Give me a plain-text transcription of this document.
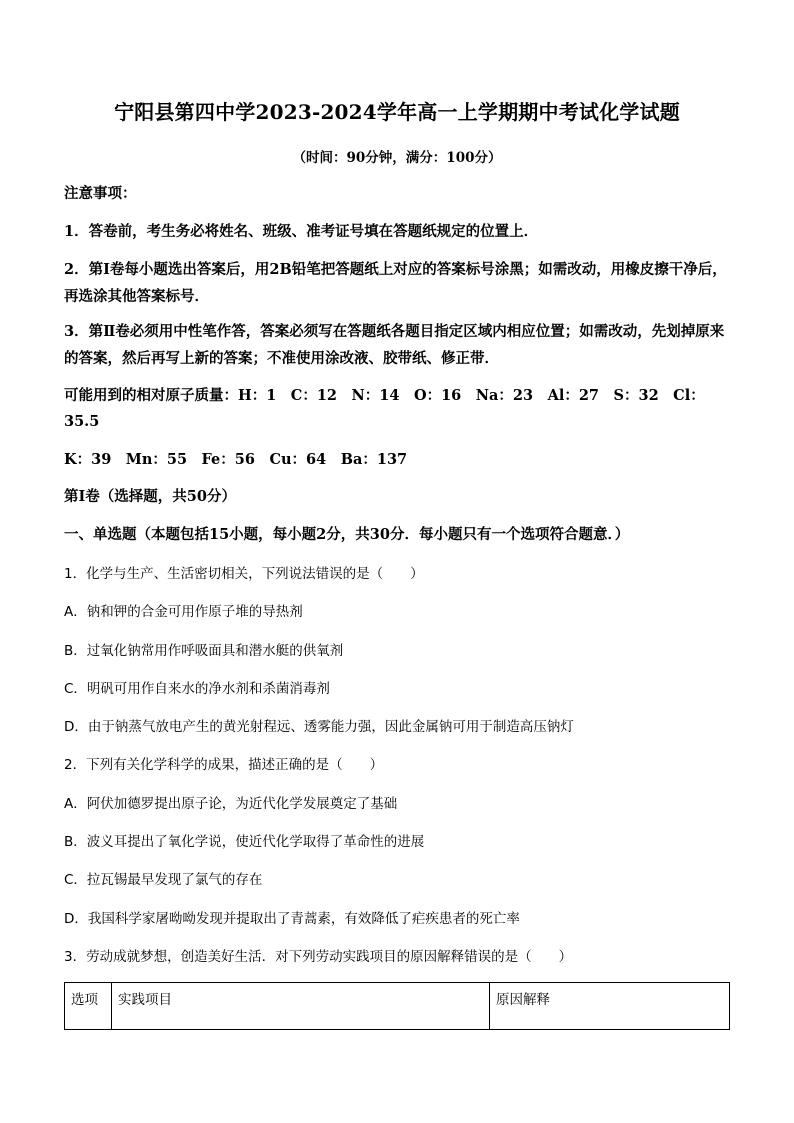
宁阳县第四中学2023-2024学年高一上学期期中考试化学试题
（时间：90分钟，满分：100分）
注意事项：
1．答卷前，考生务必将姓名、班级、准考证号填在答题纸规定的位置上．
2．第Ⅰ卷每小题选出答案后，用2B铅笔把答题纸上对应的答案标号涂黑；如需改动，用橡皮擦干净后，再选涂其他答案标号．
3．第Ⅱ卷必须用中性笔作答，答案必须写在答题纸各题目指定区域内相应位置；如需改动，先划掉原来的答案，然后再写上新的答案；不准使用涂改液、胶带纸、修正带．
可能用到的相对原子质量：H：1　C：12　N：14　O：16　Na：23　Al：27　S：32　Cl：
35.5
K：39　Mn：55　Fe：56　Cu：64　Ba：137
第Ⅰ卷（选择题，共50分）
一、单选题（本题包括15小题，每小题2分，共30分．每小题只有一个选项符合题意．）
1．化学与生产、生活密切相关，下列说法错误的是（　　）
A．钠和钾的合金可用作原子堆的导热剂
B．过氧化钠常用作呼吸面具和潜水艇的供氧剂
C．明矾可用作自来水的净水剂和杀菌消毒剂
D．由于钠蒸气放电产生的黄光射程远、透雾能力强，因此金属钠可用于制造高压钠灯
2．下列有关化学科学的成果，描述正确的是（　　）
A．阿伏加德罗提出原子论，为近代化学发展奠定了基础
B．波义耳提出了氧化学说，使近代化学取得了革命性的进展
C．拉瓦锡最早发现了氯气的存在
D．我国科学家屠呦呦发现并提取出了青蒿素，有效降低了疟疾患者的死亡率
3．劳动成就梦想，创造美好生活．对下列劳动实践项目的原因解释错误的是（　　）
选项	实践项目	原因解释
